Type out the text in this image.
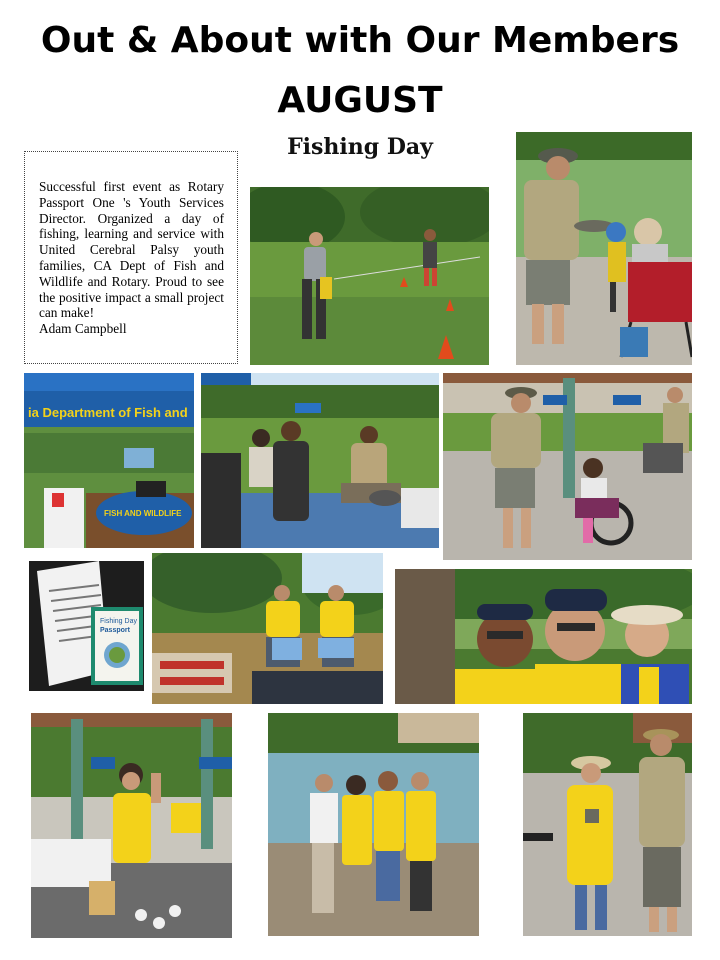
Out & About with Our Members
AUGUST
Fishing Day
Successful first event as Rotary Passport One 's Youth Services Director. Organized a day of fishing, learning and service with United Cerebral Palsy youth families, CA Dept of Fish and Wildlife and Rotary. Proud to see the positive impact a small project can make!
Adam Campbell
ia Department of Fish and
FISH AND WILDLIFE
Fishing Day
Passport
